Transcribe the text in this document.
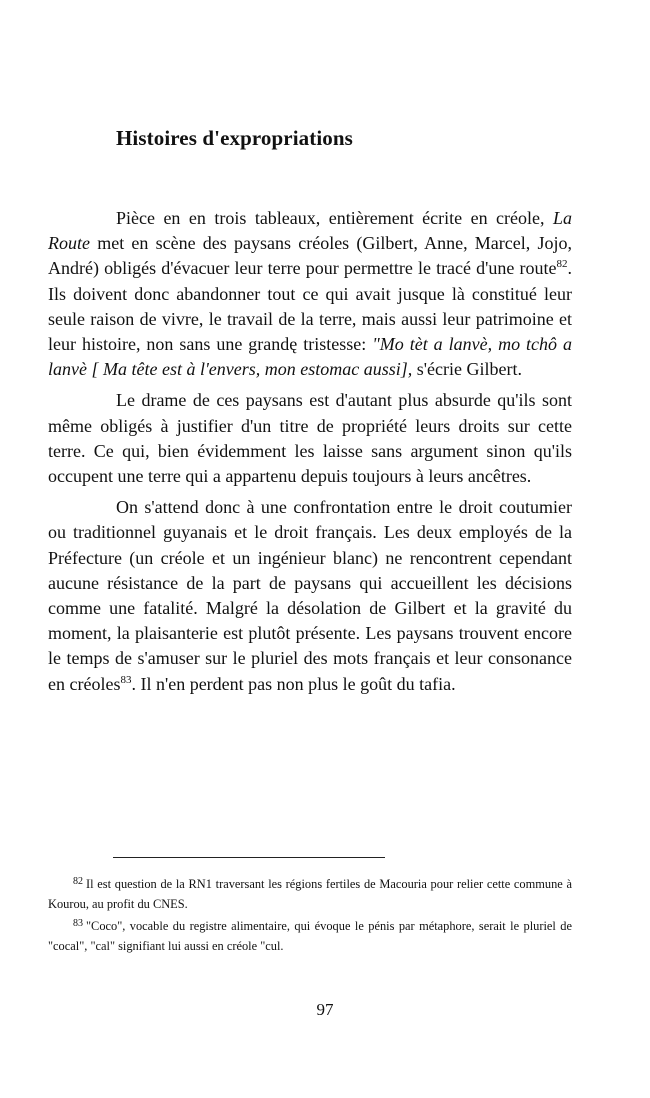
Histoires d'expropriations

Pièce en en trois tableaux, entièrement écrite en créole, La Route met en scène des paysans créoles (Gilbert, Anne, Marcel, Jojo, André) obligés d'évacuer leur terre pour permettre le tracé d'une route$^{82}$. Ils doivent donc abandonner tout ce qui avait jusque là constitué leur seule raison de vivre, le travail de la terre, mais aussi leur patrimoine et leur histoire, non sans une grandę tristesse: "Mo tèt a lanvè, mo tchô a lanvè [ Ma tête est à l'envers, mon estomac aussi], s'écrie Gilbert.

Le drame de ces paysans est d'autant plus absurde qu'ils sont même obligés à justifier d'un titre de propriété leurs droits sur cette terre. Ce qui, bien évidemment les laisse sans argument sinon qu'ils occupent une terre qui a appartenu depuis toujours à leurs ancêtres.

On s'attend donc à une confrontation entre le droit coutumier ou traditionnel guyanais et le droit français. Les deux employés de la Préfecture (un créole et un ingénieur blanc) ne rencontrent cependant aucune résistance de la part de paysans qui accueillent les décisions comme une fatalité. Malgré la désolation de Gilbert et la gravité du moment, la plaisanterie est plutôt présente. Les paysans trouvent encore le temps de s'amuser sur le pluriel des mots français et leur consonance en créoles$^{83}$. Il n'en perdent pas non plus le goût du tafia.

$^{82}$ Il est question de la RN1 traversant les régions fertiles de Macouria pour relier cette commune à Kourou, au profit du CNES.

$^{83}$ "Coco", vocable du registre alimentaire, qui évoque le pénis par métaphore, serait le pluriel de "cocal", "cal" signifiant lui aussi en créole "cul.

97
